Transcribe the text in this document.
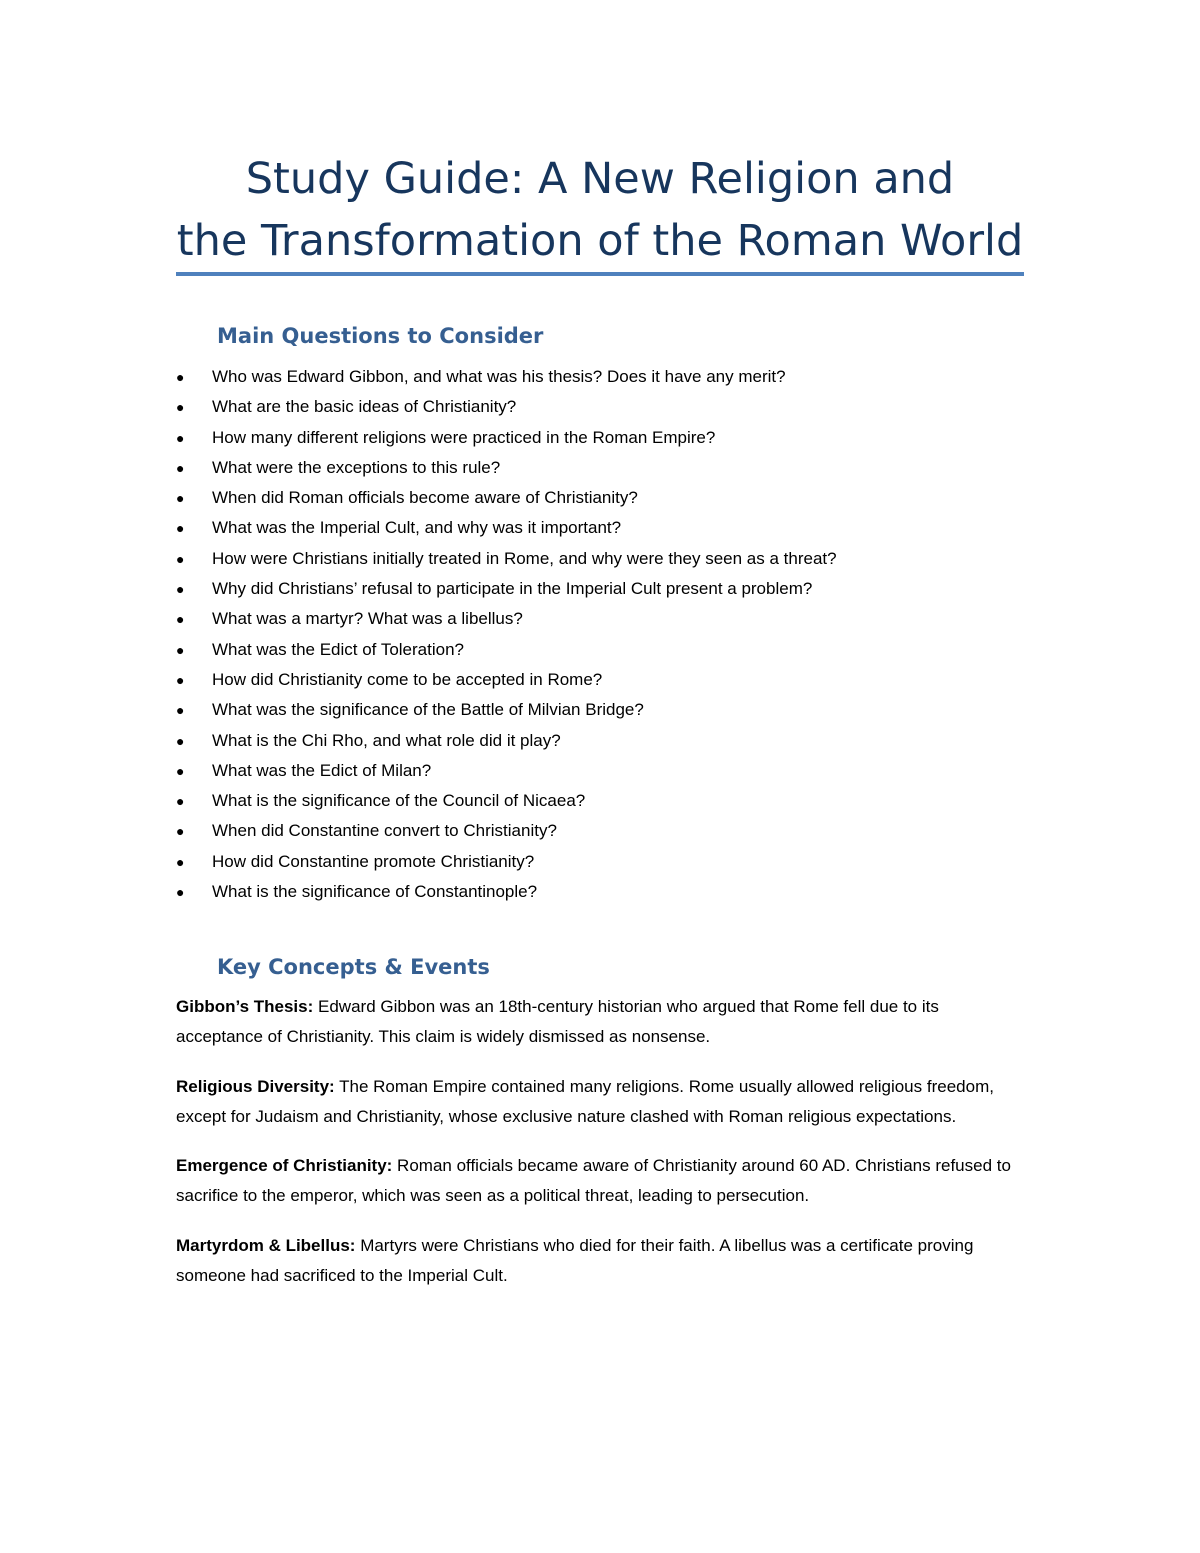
Study Guide: A New Religion and

the Transformation of the Roman World

Main Questions to Consider
● Who was Edward Gibbon, and what was his thesis? Does it have any merit?
● What are the basic ideas of Christianity?
● How many different religions were practiced in the Roman Empire?
● What were the exceptions to this rule?
● When did Roman officials become aware of Christianity?
● What was the Imperial Cult, and why was it important?
● How were Christians initially treated in Rome, and why were they seen as a threat?
● Why did Christians’ refusal to participate in the Imperial Cult present a problem?
● What was a martyr? What was a libellus?
● What was the Edict of Toleration?
● How did Christianity come to be accepted in Rome?
● What was the significance of the Battle of Milvian Bridge?
● What is the Chi Rho, and what role did it play?
● What was the Edict of Milan?
● What is the significance of the Council of Nicaea?
● When did Constantine convert to Christianity?
● How did Constantine promote Christianity?
● What is the significance of Constantinople?
Key Concepts & Events

Gibbon’s Thesis: Edward Gibbon was an 18th-century historian who argued that Rome fell due to its acceptance of Christianity. This claim is widely dismissed as nonsense.

Religious Diversity: The Roman Empire contained many religions. Rome usually allowed religious freedom, except for Judaism and Christianity, whose exclusive nature clashed with Roman religious expectations.

Emergence of Christianity: Roman officials became aware of Christianity around 60 AD. Christians refused to sacrifice to the emperor, which was seen as a political threat, leading to persecution.

Martyrdom & Libellus: Martyrs were Christians who died for their faith. A libellus was a certificate proving someone had sacrificed to the Imperial Cult.
